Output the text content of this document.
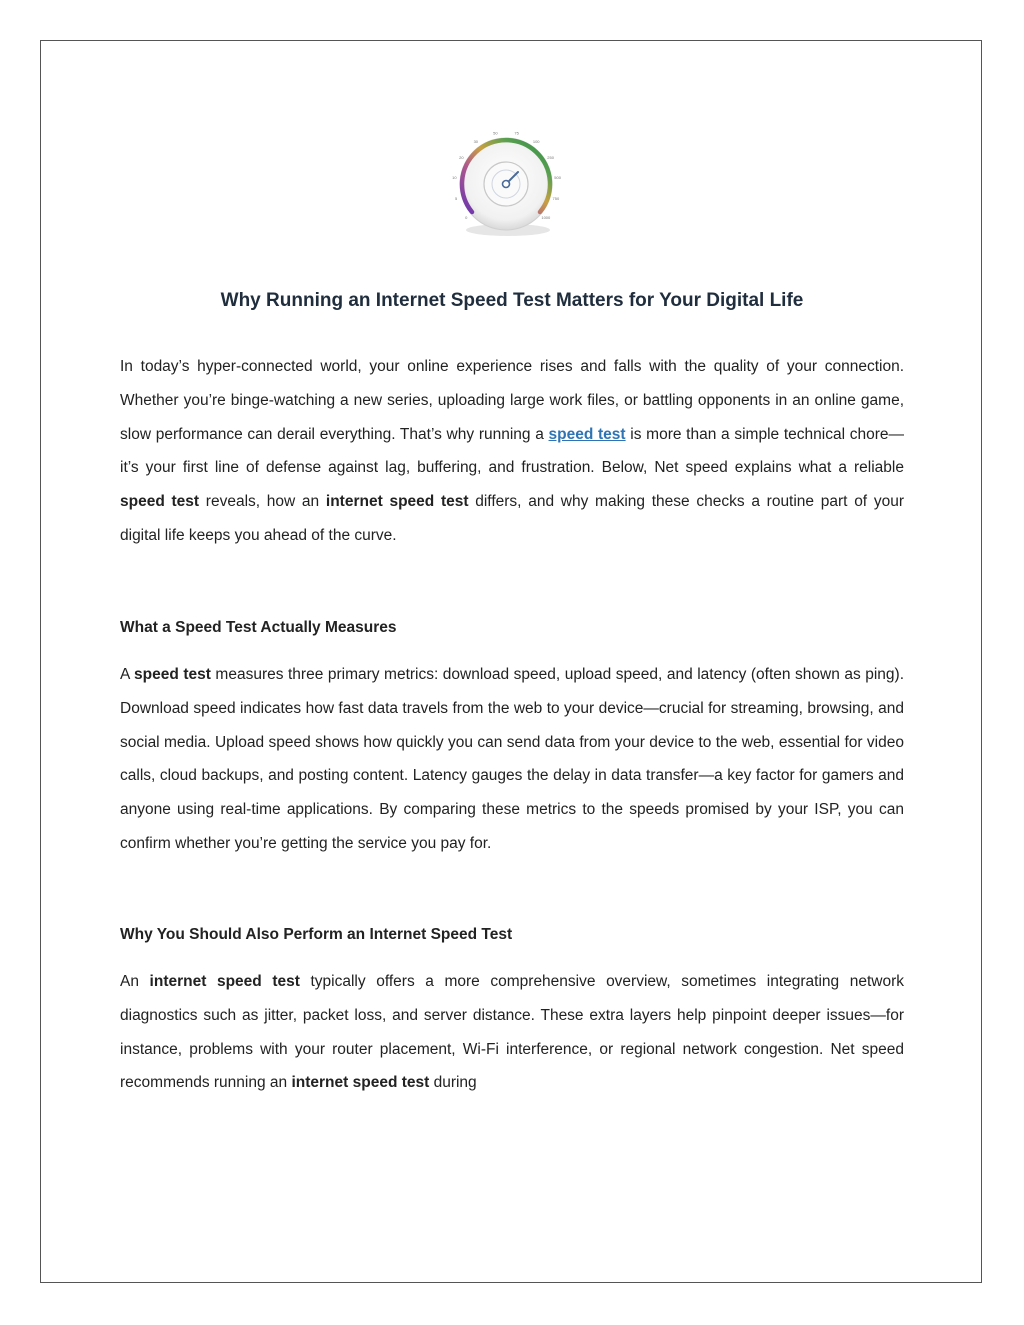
0
5
10
20
30
50	75
100
250
500
750
1000
Why Running an Internet Speed Test Matters for Your Digital Life

In today’s hyper-connected world, your online experience rises and falls with the quality of your connection. Whether you’re binge-watching a new series, uploading large work files, or battling opponents in an online game, slow performance can derail everything. That’s why running a speed test is more than a simple technical chore—it’s your first line of defense against lag, buffering, and frustration. Below, Net speed explains what a reliable speed test reveals, how an internet speed test differs, and why making these checks a routine part of your digital life keeps you ahead of the curve.

What a Speed Test Actually Measures

A speed test measures three primary metrics: download speed, upload speed, and latency (often shown as ping). Download speed indicates how fast data travels from the web to your device—crucial for streaming, browsing, and social media. Upload speed shows how quickly you can send data from your device to the web, essential for video calls, cloud backups, and posting content. Latency gauges the delay in data transfer—a key factor for gamers and anyone using real-time applications. By comparing these metrics to the speeds promised by your ISP, you can confirm whether you’re getting the service you pay for.

Why You Should Also Perform an Internet Speed Test

An internet speed test typically offers a more comprehensive overview, sometimes integrating network diagnostics such as jitter, packet loss, and server distance. These extra layers help pinpoint deeper issues—for instance, problems with your router placement, Wi-Fi interference, or regional network congestion. Net speed recommends running an internet speed test during
